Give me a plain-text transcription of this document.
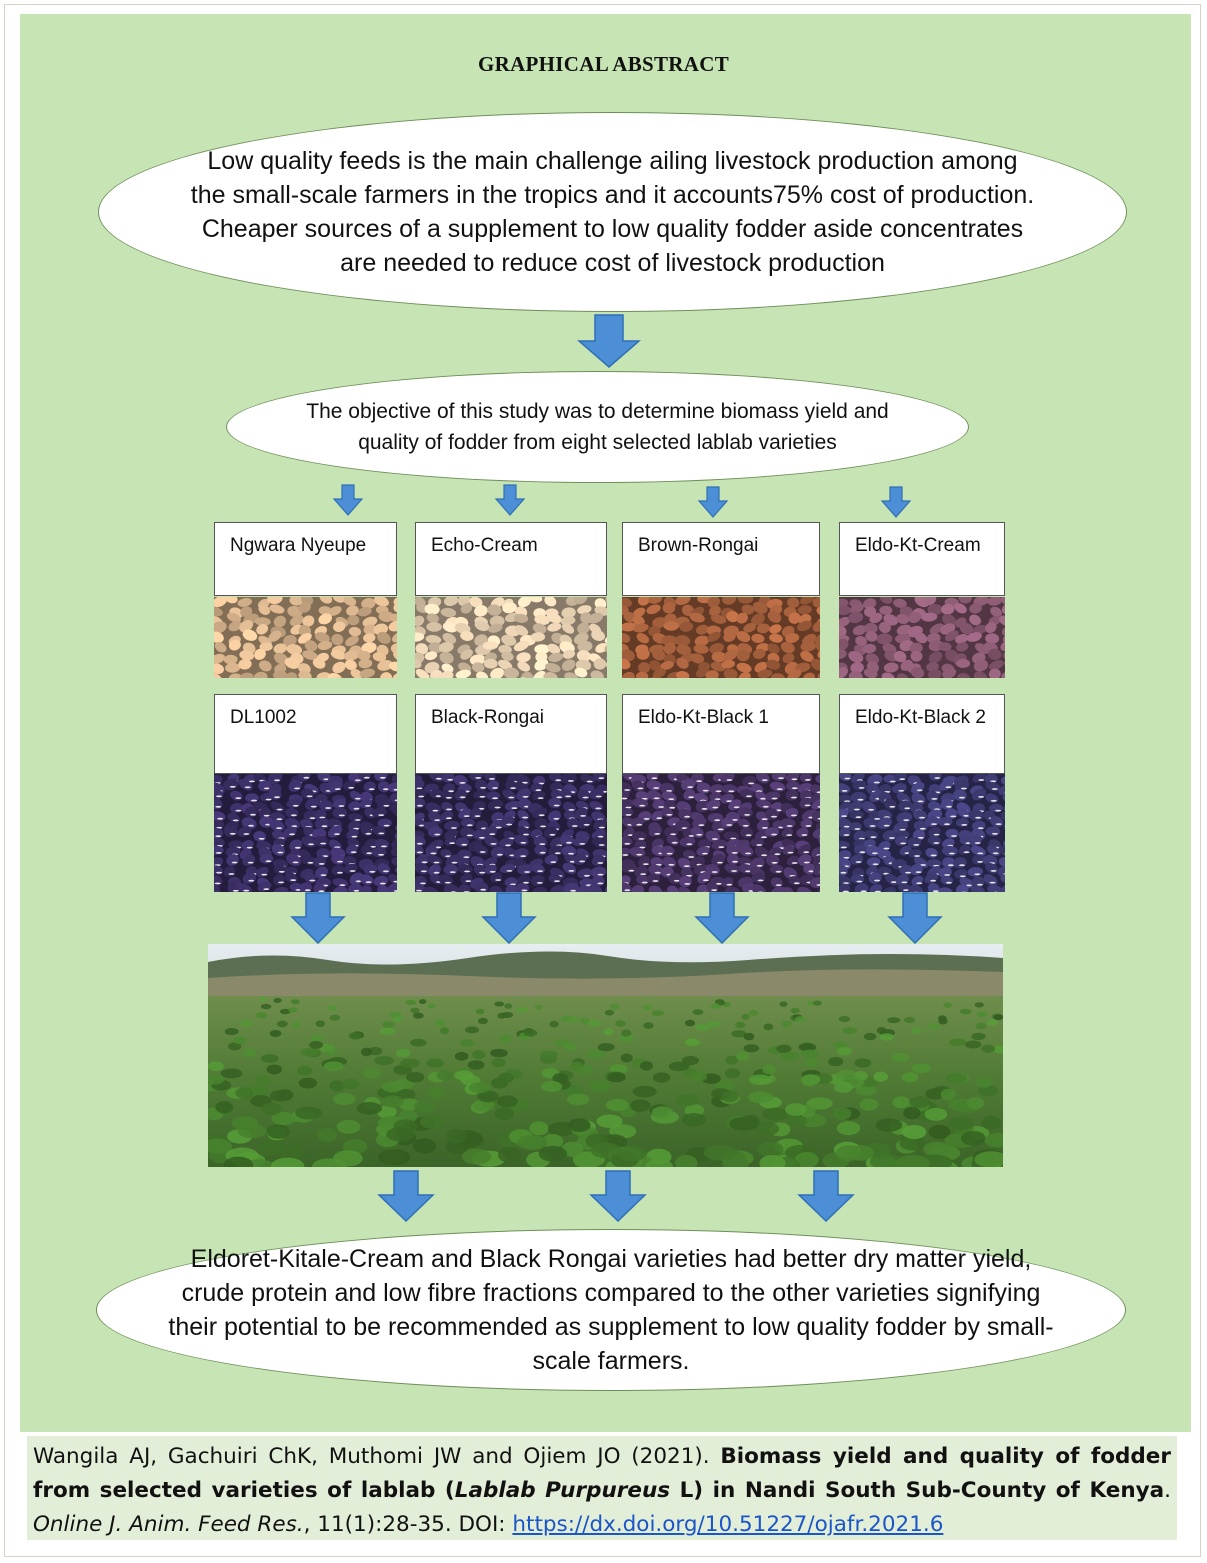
GRAPHICAL ABSTRACT
Low quality feeds is the main challenge ailing livestock production among the small-scale farmers in the tropics and it accounts75% cost of production. Cheaper sources of a supplement to low quality fodder aside concentrates are needed to reduce cost of livestock production
The objective of this study was to determine biomass yield and quality of fodder from eight selected lablab varieties
Ngwara Nyeupe	Echo-Cream	Brown-Rongai	Eldo-Kt-Cream
DL1002	Black-Rongai	Eldo-Kt-Black 1	Eldo-Kt-Black 2
Eldoret-Kitale-Cream and Black Rongai varieties had better dry matter yield, crude protein and low fibre fractions compared to the other varieties signifying their potential to be recommended as supplement to low quality fodder by small-scale farmers.
Wangila AJ, Gachuiri ChK, Muthomi JW and Ojiem JO (2021). Biomass yield and quality of fodder from selected varieties of lablab (Lablab Purpureus L) in Nandi South Sub-County of Kenya. Online J. Anim. Feed Res., 11(1):28-35. DOI: https://dx.doi.org/10.51227/ojafr.2021.6
